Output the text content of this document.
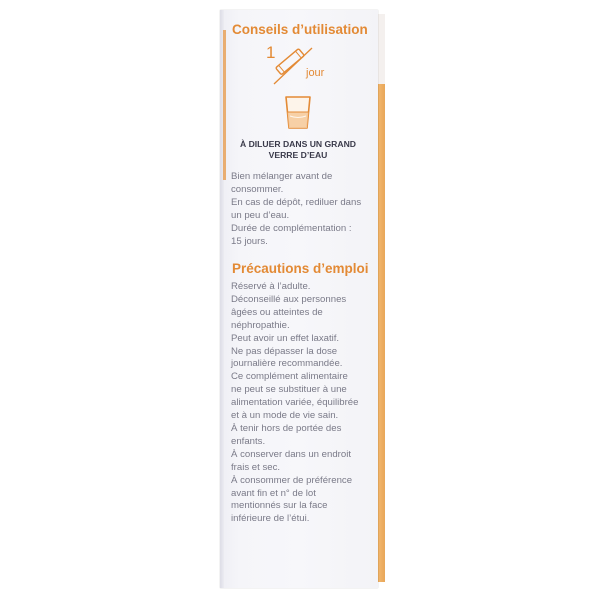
Conseils d’utilisation
1
jour
À DILUER DANS UN GRAND
VERRE D’EAU
Bien mélanger avant de
consommer.
En cas de dépôt, rediluer dans
un peu d’eau.
Durée de complémentation :
15 jours.
Précautions d’emploi
Réservé à l’adulte.
Déconseillé aux personnes
âgées ou atteintes de
néphropathie.
Peut avoir un effet laxatif.
Ne pas dépasser la dose
journalière recommandée.
Ce complément alimentaire
ne peut se substituer à une
alimentation variée, équilibrée
et à un mode de vie sain.
À tenir hors de portée des
enfants.
À conserver dans un endroit
frais et sec.
À consommer de préférence
avant fin et n° de lot
mentionnés sur la face
inférieure de l’étui.
